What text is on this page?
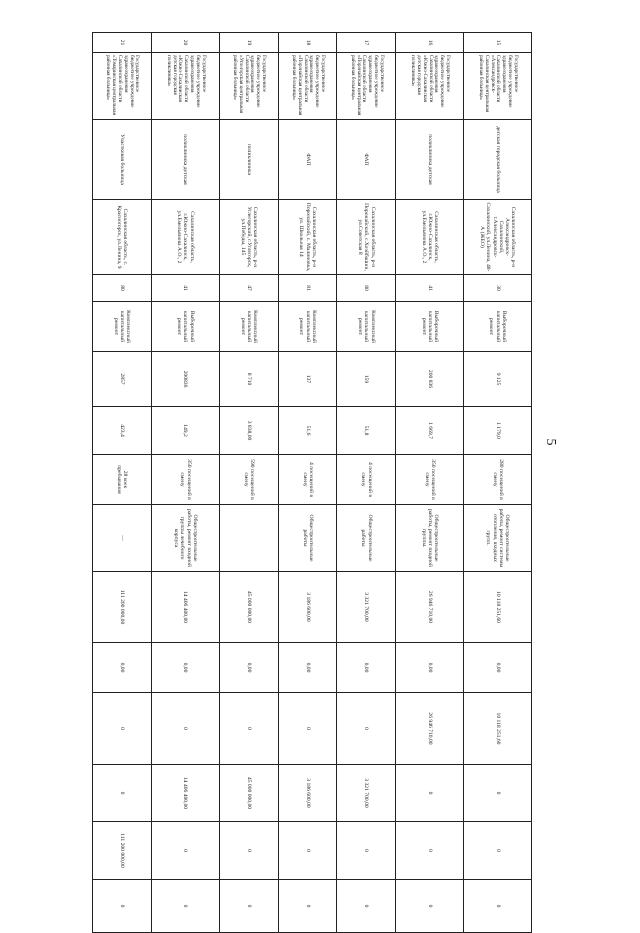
5
15	Государственное бюджетное учреждение здравоохранения Сахалинской области «Александровск-Сахалинская центральная районная больница»	детская городская больница	Сахалинская область, р-н Александровск-Сахалинский, г.Александровск-Сахалинский, ул.Ленина, 48-А (ЖЕО)	30	Выборочный капитальный ремонт	9 125	1 179,0	280 посещений в смену	Общестроительные работы, ремонт системы отопления, входных групп.	10 118 251,60	0,00	10 118 251,60	0	0	0
16	Государственное бюджетное учреждение здравоохранения Сахалинской области «Южно-Сахалинская детская городская поликлиника»	поликлиника детская	Сахалинская область, г.Южно-Сахалинск, ул.Емельянова А.О., 2	41	Выборочный капитальный ремонт	200 836	1 669,7	350 посещений в смену	Общестроительные работы, ремонт входной группы.	26 946 710,00	0,00	26 946 710,00	0	0	0
17	Государственное бюджетное учреждение здравоохранения Сахалинской области «Поронайская центральная районная больница»	ФАП	Сахалинская область, р-н Поронайский, с.Хоэйбашин, ул.Советская 8	80	Комплексный капитальный ремонт	159	51,8	4 посещений в смену	Общестроительные работы	3 321 700,00	0,00	0	3 321 700,00	0	0
18	Государственное бюджетное учреждение здравоохранения Сахалинской области «Поронайская центральная районная больница»	ФАП	Сахалинская область, р-н Поронайский, с. Малиновка, ул. Школьная 14	81	Комплексный капитальный ремонт	137	51,6	4 посещений в смену	Общестроительные работы	3 186 600,00	0,00	0	3 186 600,00	0	0
19	Государственное бюджетное учреждение здравоохранения Сахалинской области «Углегорская центральная районная больница»	поликлиника	Сахалинская область, р-н Углегорский, г.Углегорск, ул.Победы, 145	47	Комплексный капитальный ремонт	8 710	3 838,00	590 посещений в смену		45 000 000,00	0,00	0	45 000 000,00	0	0
20	Государственное бюджетное учреждение здравоохранения Сахалинской области «Южно-Сахалинская детская городская поликлиника»	поликлиника детская	Сахалинская область, г.Южно-Сахалинск, ул.Емельянова А.О., 2	41	Выборочный капитальный ремонт	200836	149,2	350 посещений в смену	Общестроительные работы, ремонт входной группы лечебного корпуса	14 406 400,00	0,00	0	14 406 400,00	0	0
21	Государственное бюджетное учреждение здравоохранения Сахалинской области «Томаринская центральная районная больница»	Участковая больница	Сахалинская область, с. Красногорск, ул.Ленина, 9	80	Комплексный капитальный ремонт	2857	423,4	28 коек пребывания	—	111 200 000,00	0,00	0	0	111 200 000,00	0
